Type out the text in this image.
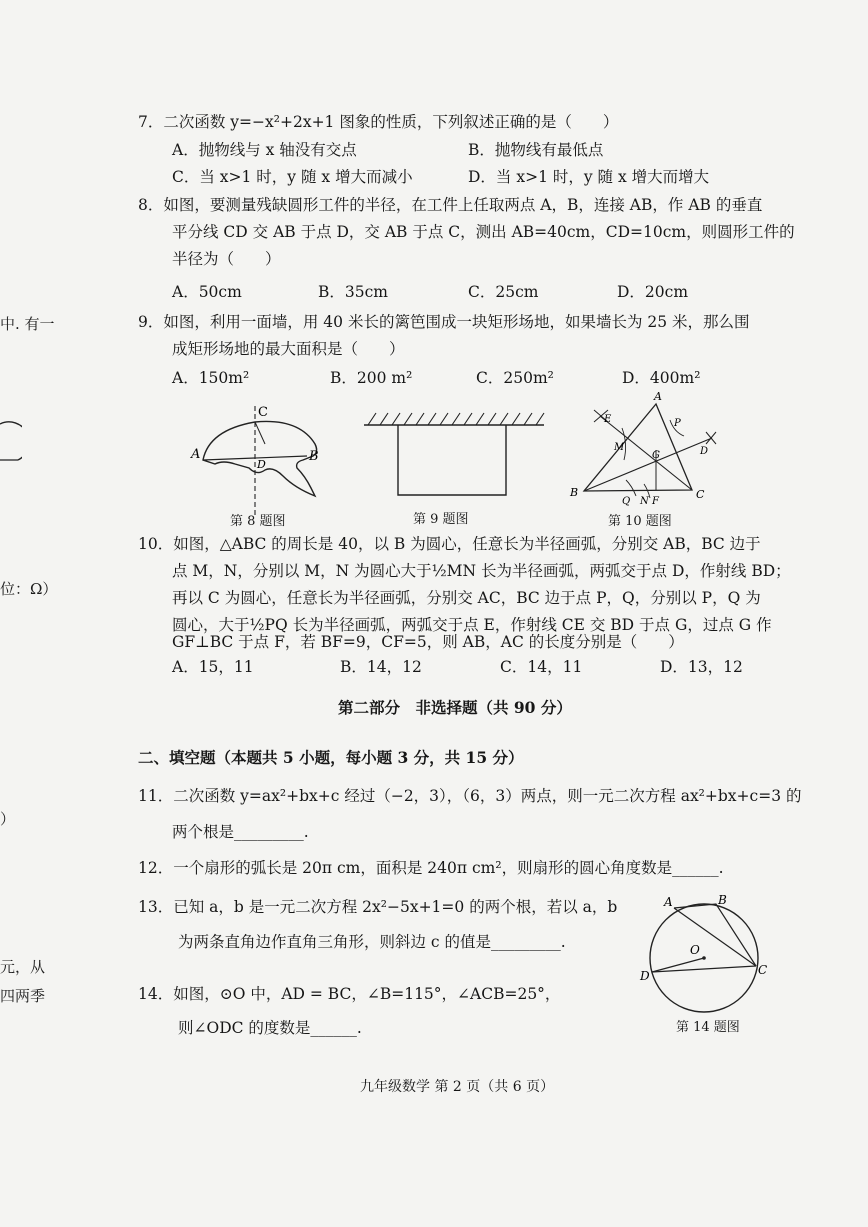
中. 有一
位：Ω）
）
元，从
四两季
7．二次函数 y=−x²+2x+1 图象的性质，下列叙述正确的是（　　）
A．抛物线与 x 轴没有交点	B．抛物线有最低点
C．当 x>1 时，y 随 x 增大而减小	D．当 x>1 时，y 随 x 增大而增大
8．如图，要测量残缺圆形工件的半径，在工件上任取两点 A，B，连接 AB，作 AB 的垂直
平分线 CD 交 AB 于点 D，交 AB 于点 C，测出 AB=40cm，CD=10cm，则圆形工件的
半径为（　　）
A．50cm	B．35cm	C．25cm	D．20cm
9．如图，利用一面墙，用 40 米长的篱笆围成一块矩形场地，如果墙长为 25 米，那么围
成矩形场地的最大面积是（　　）
A．150m²	B．200 m²	C．250m²	D．400m²
C
A	B
D
第 8 题图	第 9 题图
A
B	C
E
M
P
G	D
Q N F
第 10 题图
10．如图，△ABC 的周长是 40，以 B 为圆心，任意长为半径画弧，分别交 AB，BC 边于
点 M，N，分别以 M，N 为圆心大于½MN 长为半径画弧，两弧交于点 D，作射线 BD；
再以 C 为圆心，任意长为半径画弧，分别交 AC，BC 边于点 P，Q，分别以 P，Q 为
圆心，大于½PQ 长为半径画弧，两弧交于点 E，作射线 CE 交 BD 于点 G，过点 G 作
GF⊥BC 于点 F，若 BF=9，CF=5，则 AB，AC 的长度分别是（　　）
A．15，11	B．14，12	C．14，11	D．13，12
第二部分　非选择题（共 90 分）
二、填空题（本题共 5 小题，每小题 3 分，共 15 分）
11．二次函数 y=ax²+bx+c 经过（−2，3），（6，3）两点，则一元二次方程 ax²+bx+c=3 的
两个根是_________.
12．一个扇形的弧长是 20π cm，面积是 240π cm²，则扇形的圆心角度数是______.
13．已知 a，b 是一元二次方程 2x²−5x+1=0 的两个根，若以 a，b
为两条直角边作直角三角形，则斜边 c 的值是_________.
14．如图，⊙O 中，AD = BC，∠B=115°，∠ACB=25°，
则∠ODC 的度数是______.
A	B
C
D
O
第 14 题图
九年级数学 第 2 页（共 6 页）
